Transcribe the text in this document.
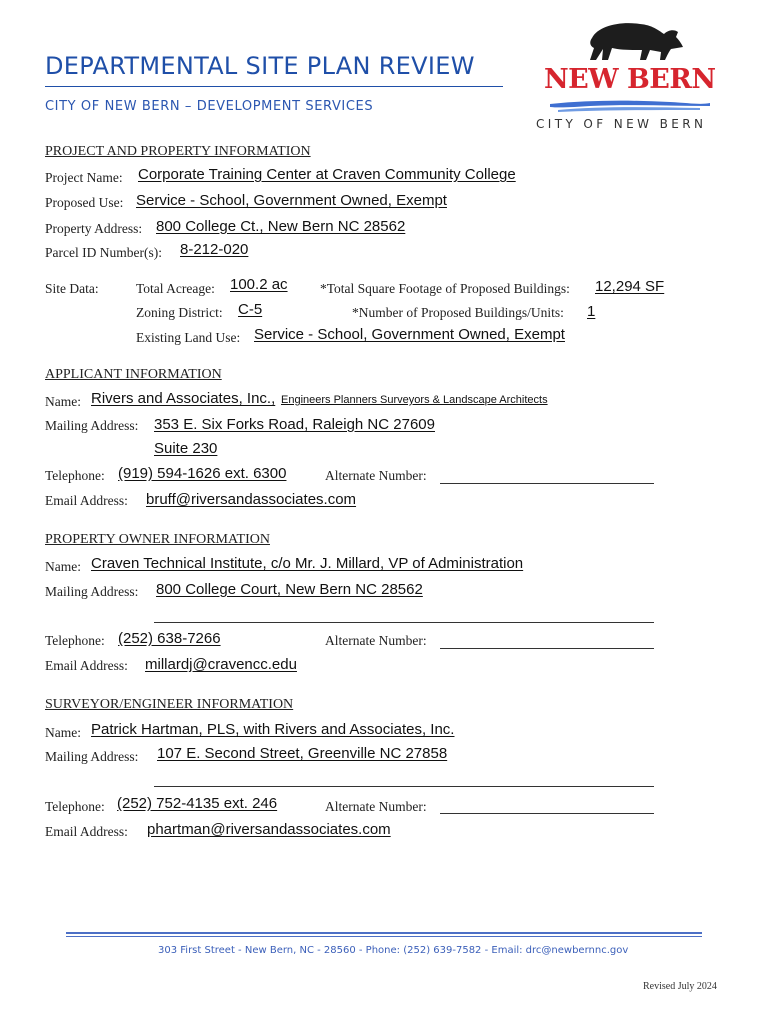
DEPARTMENTAL SITE PLAN REVIEW
CITY OF NEW BERN – DEVELOPMENT SERVICES
NEW BERN
CITY OF NEW BERN
PROJECT AND PROPERTY INFORMATION
Project Name: Corporate Training Center at Craven Community College
Proposed Use: Service - School, Government Owned, Exempt
Property Address: 800 College Ct., New Bern NC 28562
Parcel ID Number(s): 8-212-020
Site Data:	Total Acreage: 100.2 ac *Total Square Footage of Proposed Buildings: 12,294 SF
Zoning District: C-5	*Number of Proposed Buildings/Units: 1
Existing Land Use: Service - School, Government Owned, Exempt
APPLICANT INFORMATION
Name: Rivers and Associates, Inc., Engineers Planners Surveyors & Landscape Architects
Mailing Address: 353 E. Six Forks Road, Raleigh NC 27609
Suite 230
Telephone: (919) 594-1626 ext. 6300	Alternate Number:
Email Address: bruff@riversandassociates.com
PROPERTY OWNER INFORMATION
Name: Craven Technical Institute, c/o Mr. J. Millard, VP of Administration
Mailing Address: 800 College Court, New Bern NC 28562
Telephone: (252) 638-7266	Alternate Number:
Email Address: millardj@cravencc.edu
SURVEYOR/ENGINEER INFORMATION
Name: Patrick Hartman, PLS, with Rivers and Associates, Inc.
Mailing Address: 107 E. Second Street, Greenville NC 27858
Telephone: (252) 752-4135 ext. 246	Alternate Number:
Email Address: phartman@riversandassociates.com
303 First Street - New Bern, NC - 28560 - Phone: (252) 639-7582 - Email: drc@newbernnc.gov
Revised July 2024
